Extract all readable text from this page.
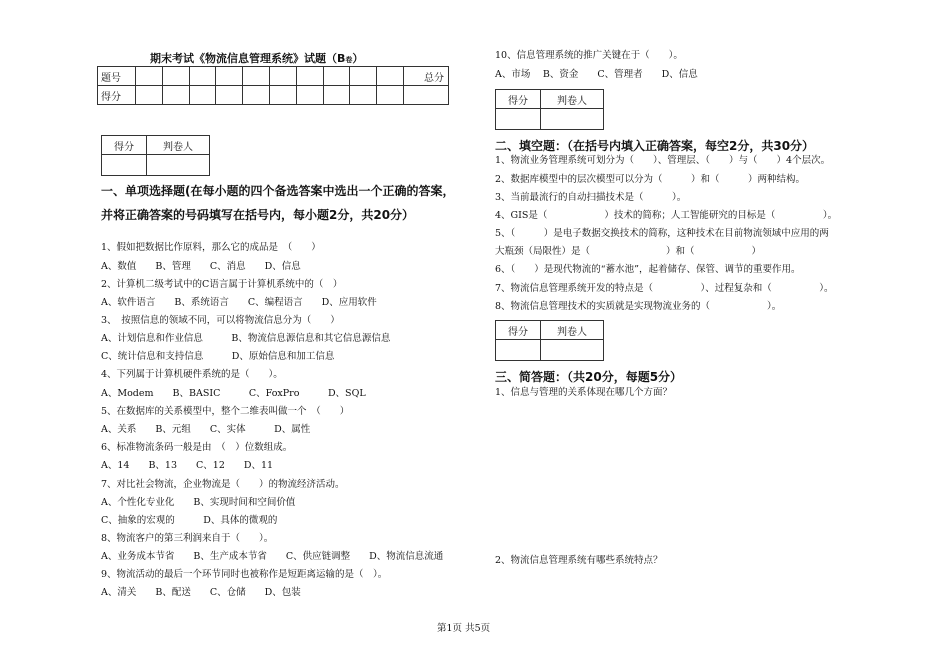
期末考试《物流信息管理系统》试题（B卷）
题号											总分
得分											
得分	判卷人

一、单项选择题(在每小题的四个备选答案中选出一个正确的答案，
并将正确答案的号码填写在括号内，每小题2分，共20分）
1、假如把数据比作原料，那么它的成品是　（　　）
A、数值　　B、管理　　C、消息　　D、信息
2、计算机二级考试中的C语言属于计算机系统中的（　）
A、软件语言　　B、系统语言　　C、编程语言　　D、应用软件
3、　按照信息的领域不同，可以将物流信息分为（　　）
A、计划信息和作业信息　　　B、物流信息源信息和其它信息源信息
C、统计信息和支持信息　　　D、原始信息和加工信息
4、下列属于计算机硬件系统的是（　　）。
A、Modem　　B、BASIC　　　C、FoxPro　　　D、SQL
5、在数据库的关系模型中，整个二维表叫做一个　（　　）
A、关系　　B、元组　　C、实体　　　D、属性
6、标准物流条码一般是由　（　）位数组成。
A、14　　B、13　　C、12　　D、11
7、对比社会物流，企业物流是（　　）的物流经济活动。
A、个性化专业化　　B、实现时间和空间价值
C、抽象的宏观的　　　D、具体的微观的
8、物流客户的第三利润来自于（　　）。
A、业务成本节省　　B、生产成本节省　　C、供应链调整　　D、物流信息流通
9、物流活动的最后一个环节同时也被称作是短距离运输的是（　）。
A、清关　　B、配送　　C、仓储　　D、包装
10、信息管理系统的推广关键在于（　　）。
A、市场　 B、资金　　C、管理者　　D、信息
得分	判卷人

二、填空题：（在括号内填入正确答案，每空2分，共30分）
1、物流业务管理系统可划分为（　　）、管理层、（　　）与（　　）4个层次。
2、数据库模型中的层次模型可以分为（　　　）和（　　　）两种结构。
3、当前最流行的自动扫描技术是（　　　）。
4、GIS是（　　　　　　）技术的简称；人工智能研究的目标是（　　　　　）。
5、（　　　）是电子数据交换技术的简称，这种技术在目前物流领域中应用的两
大瓶颈（局限性）是（　　　　　　　　）和（　　　　　　）
6、（　　）是现代物流的“蓄水池”，起着储存、保管、调节的重要作用。
7、物流信息管理系统开发的特点是（　　　　　）、过程复杂和（　　　　　）。
8、物流信息管理技术的实质就是实现物流业务的（　　　　　　）。
得分	判卷人

三、简答题：（共20分，每题5分）
1、信息与管理的关系体现在哪几个方面？
2、物流信息管理系统有哪些系统特点？
第1页 共5页
